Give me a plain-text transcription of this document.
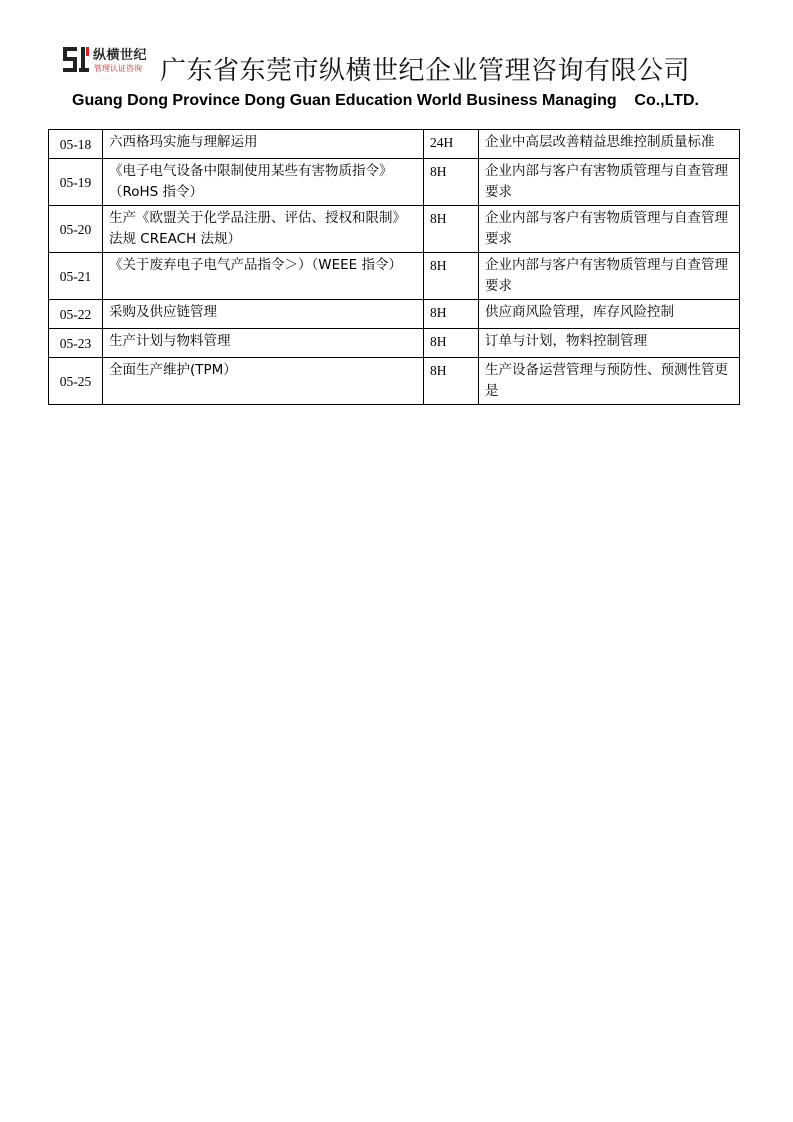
纵横世纪
管理认证咨询 广东省东莞市纵横世纪企业管理咨询有限公司
Guang Dong Province Dong Guan Education World Business Managing    Co.,LTD.
05-18	六西格玛实施与理解运用	24H	企业中高层改善精益思维控制质量标准
05-19	《电子电气设备中限制使用某些有害物质指令》（RoHS 指令）	8H	企业内部与客户有害物质管理与自查管理要求
05-20	生产《欧盟关于化学品注册、评估、授权和限制》法规 CREACH 法规）	8H	企业内部与客户有害物质管理与自查管理要求
05-21	《关于废弃电子电气产品指令＞）（WEEE 指令）	8H	企业内部与客户有害物质管理与自查管理要求
05-22	采购及供应链管理	8H	供应商风险管理，库存风险控制
05-23	生产计划与物料管理	8H	订单与计划，物料控制管理
05-25	全面生产维护(TPM）	8H	生产设备运营管理与预防性、预测性管更是
